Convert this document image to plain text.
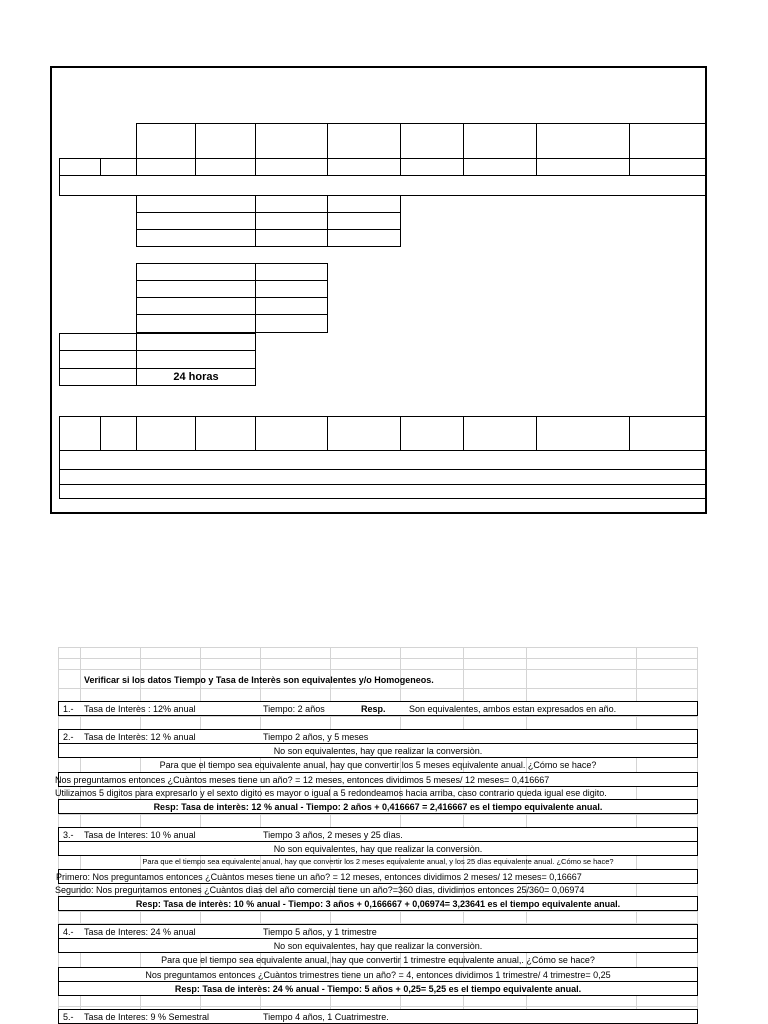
24 horas
Verificar si los datos Tiempo y Tasa de Interès son equivalentes y/o Homogeneos.
1.- Tasa de Interès : 12% anual	Tiempo: 2 años	Resp.	Son equivalentes, ambos estan expresados en año.
2.- Tasa de Interès: 12 % anual	Tiempo 2 años, y 5 meses
No son equivalentes, hay que realizar la conversiòn.
Para que el tiempo sea equivalente anual, hay que convertir los 5 meses equivalente anual. ¿Cómo se hace?
Nos preguntamos entonces ¿Cuàntos meses tiene un año? = 12 meses, entonces dividimos 5 meses/ 12 meses= 0,416667
Utilizamos 5 digitos para expresarlo y el sexto digito es mayor o igual a 5 redondeamos hacia arriba, caso contrario queda igual ese digito.
Resp: Tasa de interès: 12 % anual - Tiempo: 2 años + 0,416667 = 2,416667 es el tiempo equivalente anual.
3.- Tasa de Interes: 10 % anual	Tiempo 3 años, 2 meses y 25 dìas.
No son equivalentes, hay que realizar la conversiòn.
Para que el tiempo sea equivalente anual, hay que convertir los 2 meses equivalente anual, y los 25 dìas equivalente anual. ¿Cómo se hace?
Primero: Nos preguntamos entonces ¿Cuàntos meses tiene un año? = 12 meses, entonces dividimos 2 meses/ 12 meses= 0,16667
Segundo: Nos preguntamos entones ¿Cuàntos dìas del año comercial tiene un año?=360 dìas, dividimos entonces 25/360= 0,06974
Resp: Tasa de interès: 10 % anual - Tiempo: 3 años + 0,166667 + 0,06974= 3,23641 es el tiempo equivalente anual.
4.- Tasa de Interes: 24 % anual	Tiempo 5 años, y 1 trimestre
No son equivalentes, hay que realizar la conversiòn.
Para que el tiempo sea equivalente anual, hay que convertir 1 trimestre equivalente anual,. ¿Cómo se hace?
Nos preguntamos entonces ¿Cuàntos trimestres tiene un año? = 4, entonces dividimos 1 trimestre/ 4 trimestre= 0,25
Resp: Tasa de interès: 24 % anual - Tiempo: 5 años + 0,25= 5,25 es el tiempo equivalente anual.
5.- Tasa de Interes: 9 % Semestral	Tiempo 4 años, 1 Cuatrimestre.
